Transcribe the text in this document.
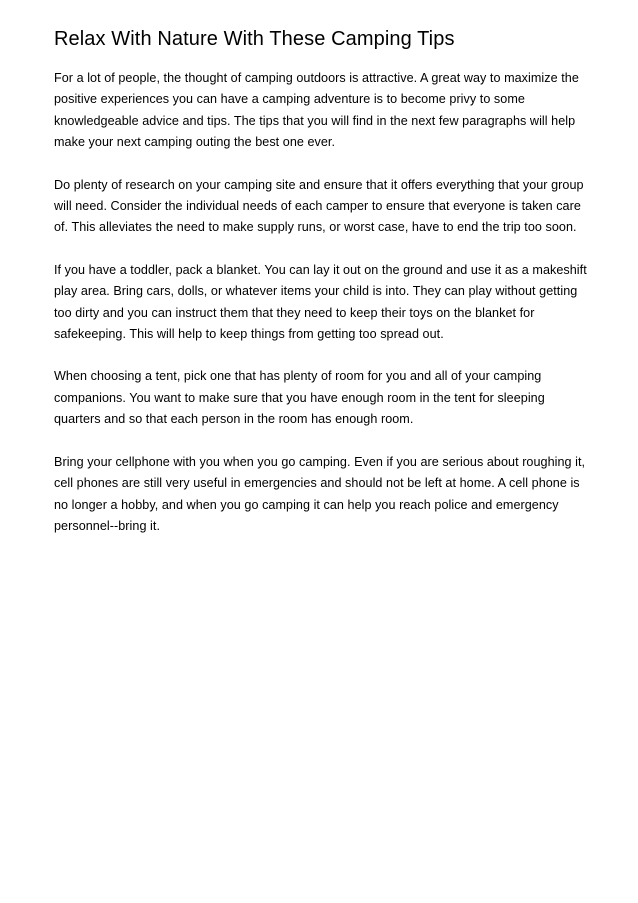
Relax With Nature With These Camping Tips

For a lot of people, the thought of camping outdoors is attractive. A great way to maximize the positive experiences you can have a camping adventure is to become privy to some knowledgeable advice and tips. The tips that you will find in the next few paragraphs will help make your next camping outing the best one ever.

Do plenty of research on your camping site and ensure that it offers everything that your group will need. Consider the individual needs of each camper to ensure that everyone is taken care of. This alleviates the need to make supply runs, or worst case, have to end the trip too soon.

If you have a toddler, pack a blanket. You can lay it out on the ground and use it as a makeshift play area. Bring cars, dolls, or whatever items your child is into. They can play without getting too dirty and you can instruct them that they need to keep their toys on the blanket for safekeeping. This will help to keep things from getting too spread out.

When choosing a tent, pick one that has plenty of room for you and all of your camping companions. You want to make sure that you have enough room in the tent for sleeping quarters and so that each person in the room has enough room.

Bring your cellphone with you when you go camping. Even if you are serious about roughing it, cell phones are still very useful in emergencies and should not be left at home. A cell phone is no longer a hobby, and when you go camping it can help you reach police and emergency personnel--bring it.
